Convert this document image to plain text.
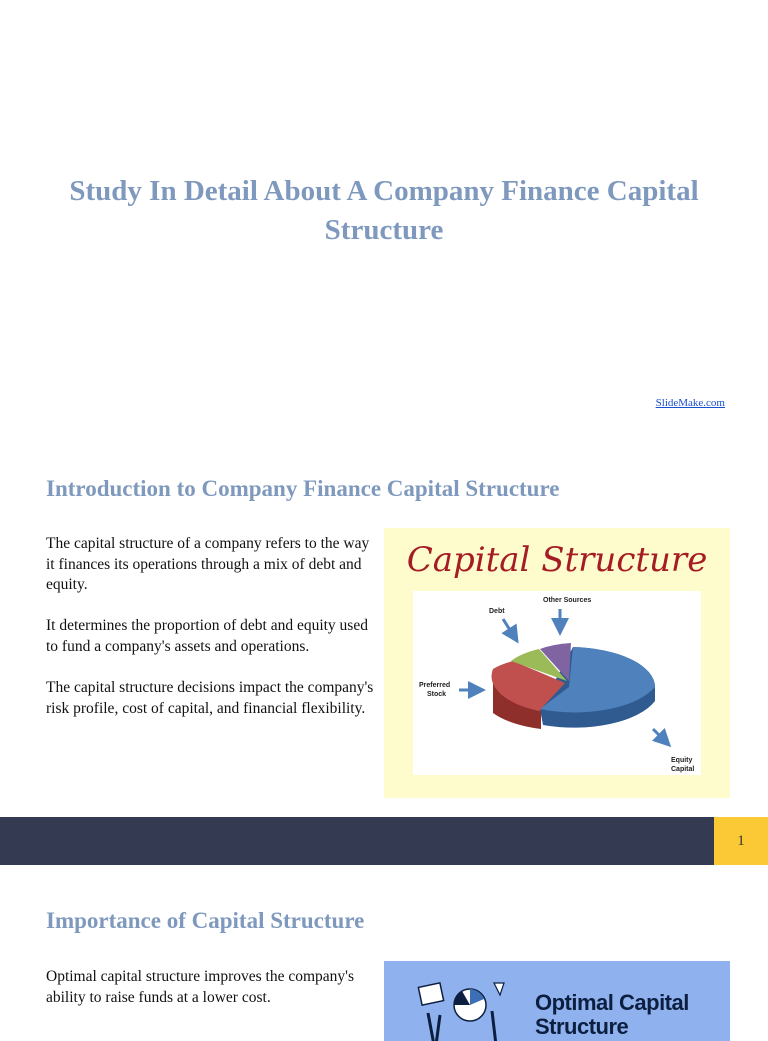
Study In Detail About A Company Finance Capital Structure
SlideMake.com
Introduction to Company Finance Capital Structure

The capital structure of a company refers to the way it finances its operations through a mix of debt and equity.

It determines the proportion of debt and equity used to fund a company's assets and operations.

The capital structure decisions impact the company's risk profile, cost of capital, and financial flexibility.

Capital Structure
Debt
Other Sources
Preferred
Stock
Equity
Capital
1
Importance of Capital Structure

Optimal capital structure improves the company's ability to raise funds at a lower cost.	Optimal Capital
Structure
